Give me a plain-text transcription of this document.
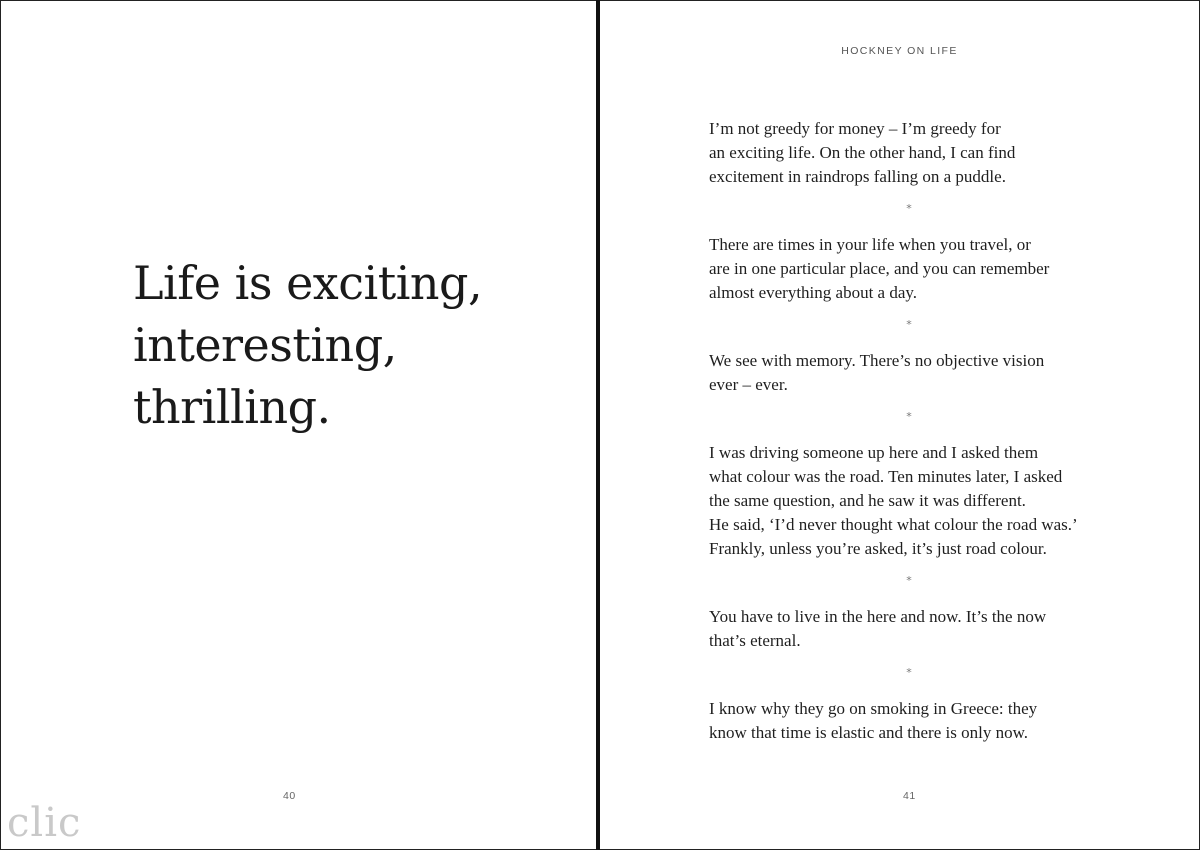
Life is exciting,
interesting,
thrilling.
40
clic
HOCKNEY ON LIFE

I’m not greedy for money – I’m greedy for
an exciting life. On the other hand, I can find
excitement in raindrops falling on a puddle.

*

There are times in your life when you travel, or
are in one particular place, and you can remember
almost everything about a day.

*

We see with memory. There’s no objective vision
ever – ever.

*

I was driving someone up here and I asked them
what colour was the road. Ten minutes later, I asked
the same question, and he saw it was different.
He said, ‘I’d never thought what colour the road was.’
Frankly, unless you’re asked, it’s just road colour.

*

You have to live in the here and now. It’s the now
that’s eternal.

*

I know why they go on smoking in Greece: they
know that time is elastic and there is only now.

41
